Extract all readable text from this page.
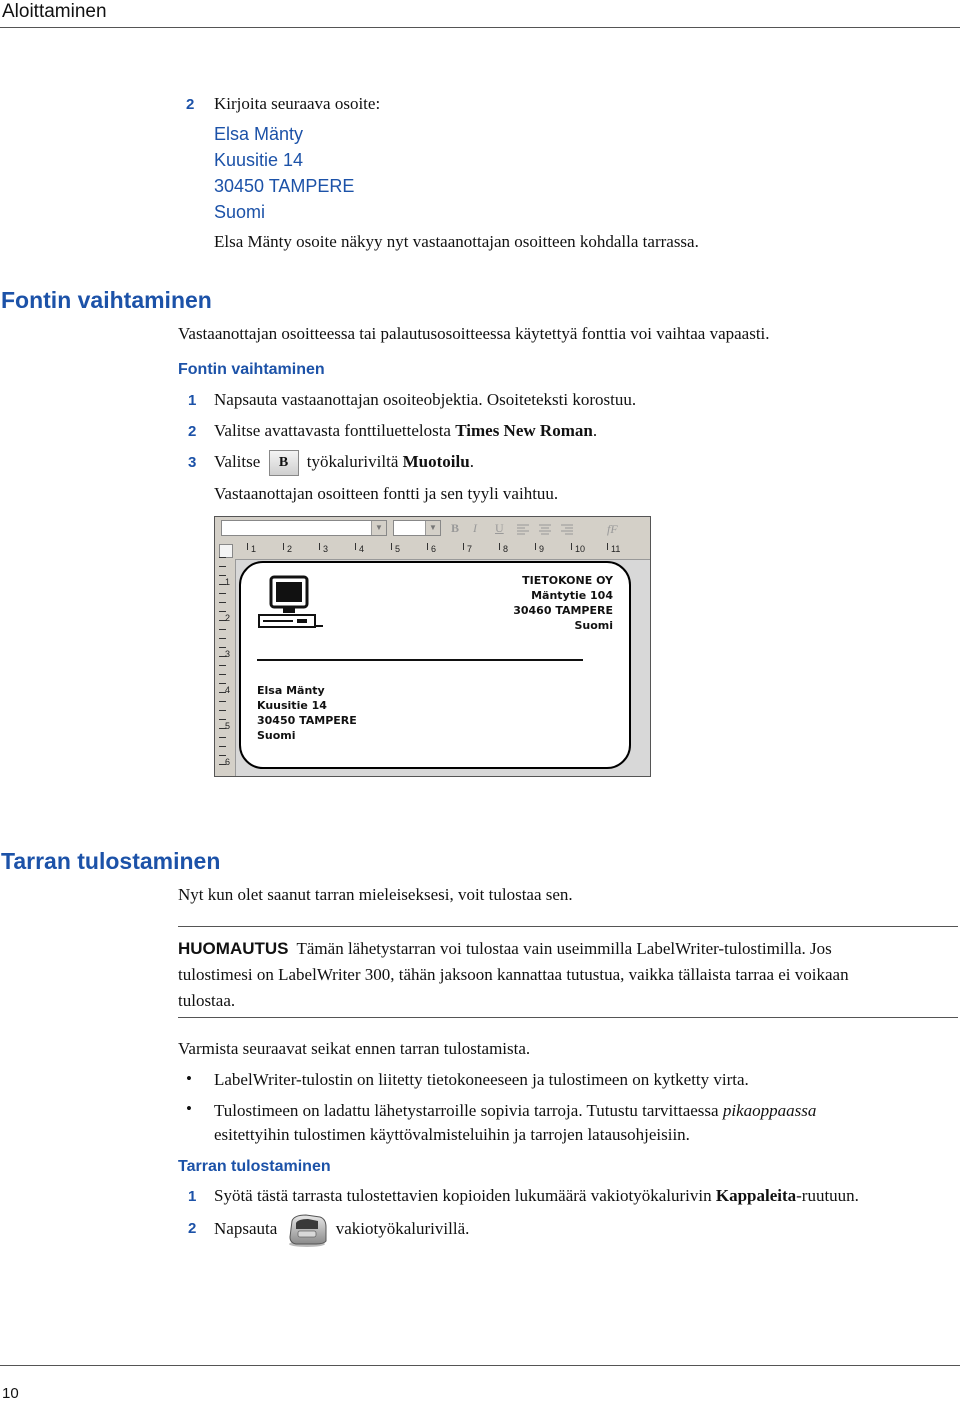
Aloittaminen
2 Kirjoita seuraava osoite:
Elsa Mänty
Kuusitie 14
30450 TAMPERE
Suomi
Elsa Mänty osoite näkyy nyt vastaanottajan osoitteen kohdalla tarrassa.
Fontin vaihtaminen
Vastaanottajan osoitteessa tai palautusosoitteessa käytettyä fonttia voi vaihtaa vapaasti.
Fontin vaihtaminen
1 Napsauta vastaanottajan osoiteobjektia. Osoiteteksti korostuu.
2 Valitse avattavasta fonttiluettelosta Times New Roman.
3 Valitse B työkaluriviltä Muotoilu.
Vastaanottajan osoitteen fontti ja sen tyyli vaihtuu.
▼	▼ B I U	fF
1	2	3	4	5	6	7	8	9	10	11
1
2
3
4
5
6
TIETOKONE OY
Mäntytie 104
30460 TAMPERE
Suomi
Elsa Mänty
Kuusitie 14
30450 TAMPERE
Suomi
Tarran tulostaminen
Nyt kun olet saanut tarran mieleiseksesi, voit tulostaa sen.
HUOMAUTUS Tämän lähetystarran voi tulostaa vain useimmilla LabelWriter-tulostimilla. Jos
tulostimesi on LabelWriter 300, tähän jaksoon kannattaa tutustua, vaikka tällaista tarraa ei voikaan
tulostaa.
Varmista seuraavat seikat ennen tarran tulostamista.
• LabelWriter-tulostin on liitetty tietokoneeseen ja tulostimeen on kytketty virta.
• Tulostimeen on ladattu lähetystarroille sopivia tarroja. Tutustu tarvittaessa pikaoppaassa
esitettyihin tulostimen käyttövalmisteluihin ja tarrojen latausohjeisiin.
Tarran tulostaminen
1 Syötä tästä tarrasta tulostettavien kopioiden lukumäärä vakiotyökalurivin Kappaleita-ruutuun.
2 Napsauta	vakiotyökalurivillä.
10
